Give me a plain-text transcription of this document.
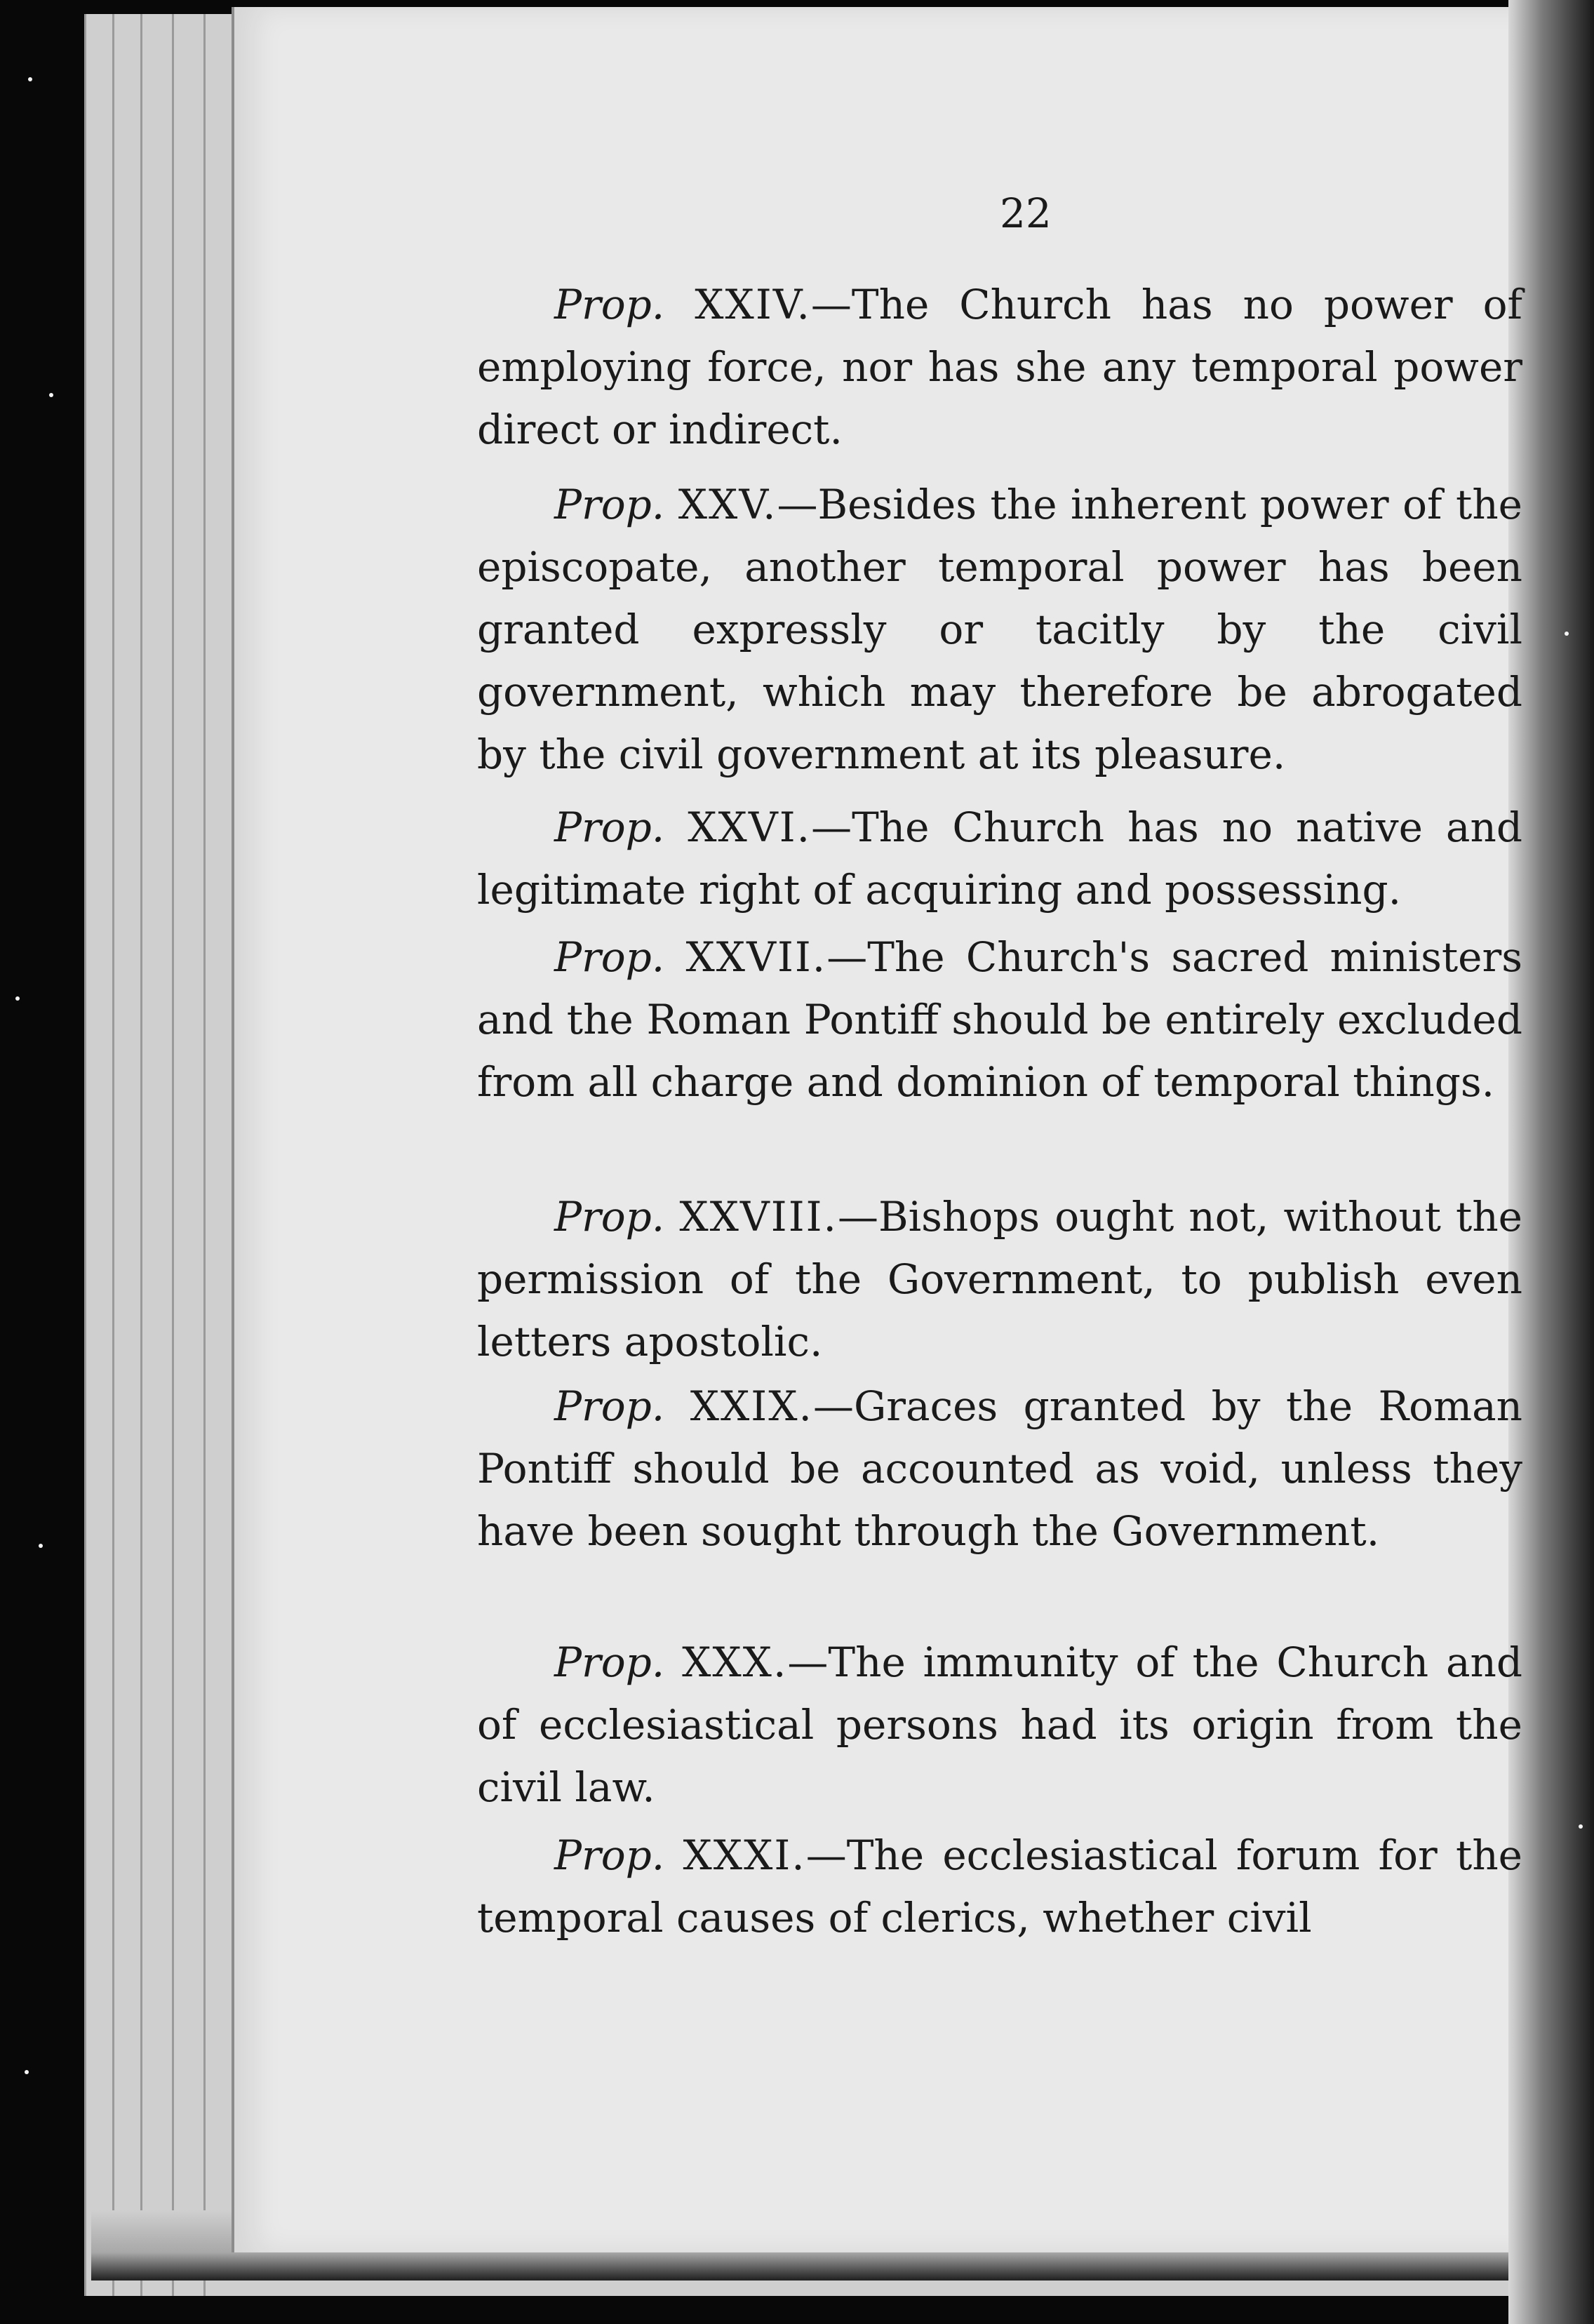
22

Prop. XXIV.—The Church has no power of employing force, nor has she any temporal power direct or indirect.

Prop. XXV.—Besides the inherent power of the episcopate, another temporal power has been granted expressly or tacitly by the civil government, which may therefore be abrogated by the civil government at its pleasure.

Prop. XXVI.—The Church has no native and legitimate right of acquiring and possessing.

Prop. XXVII.—The Church's sacred ministers and the Roman Pontiff should be entirely excluded from all charge and dominion of temporal things.

Prop. XXVIII.—Bishops ought not, without the permission of the Government, to publish even letters apostolic.

Prop. XXIX.—Graces granted by the Roman Pontiff should be accounted as void, unless they have been sought through the Government.

Prop. XXX.—The immunity of the Church and of ecclesiastical persons had its origin from the civil law.

Prop. XXXI.—The ecclesiastical forum for the temporal causes of clerics, whether civil
